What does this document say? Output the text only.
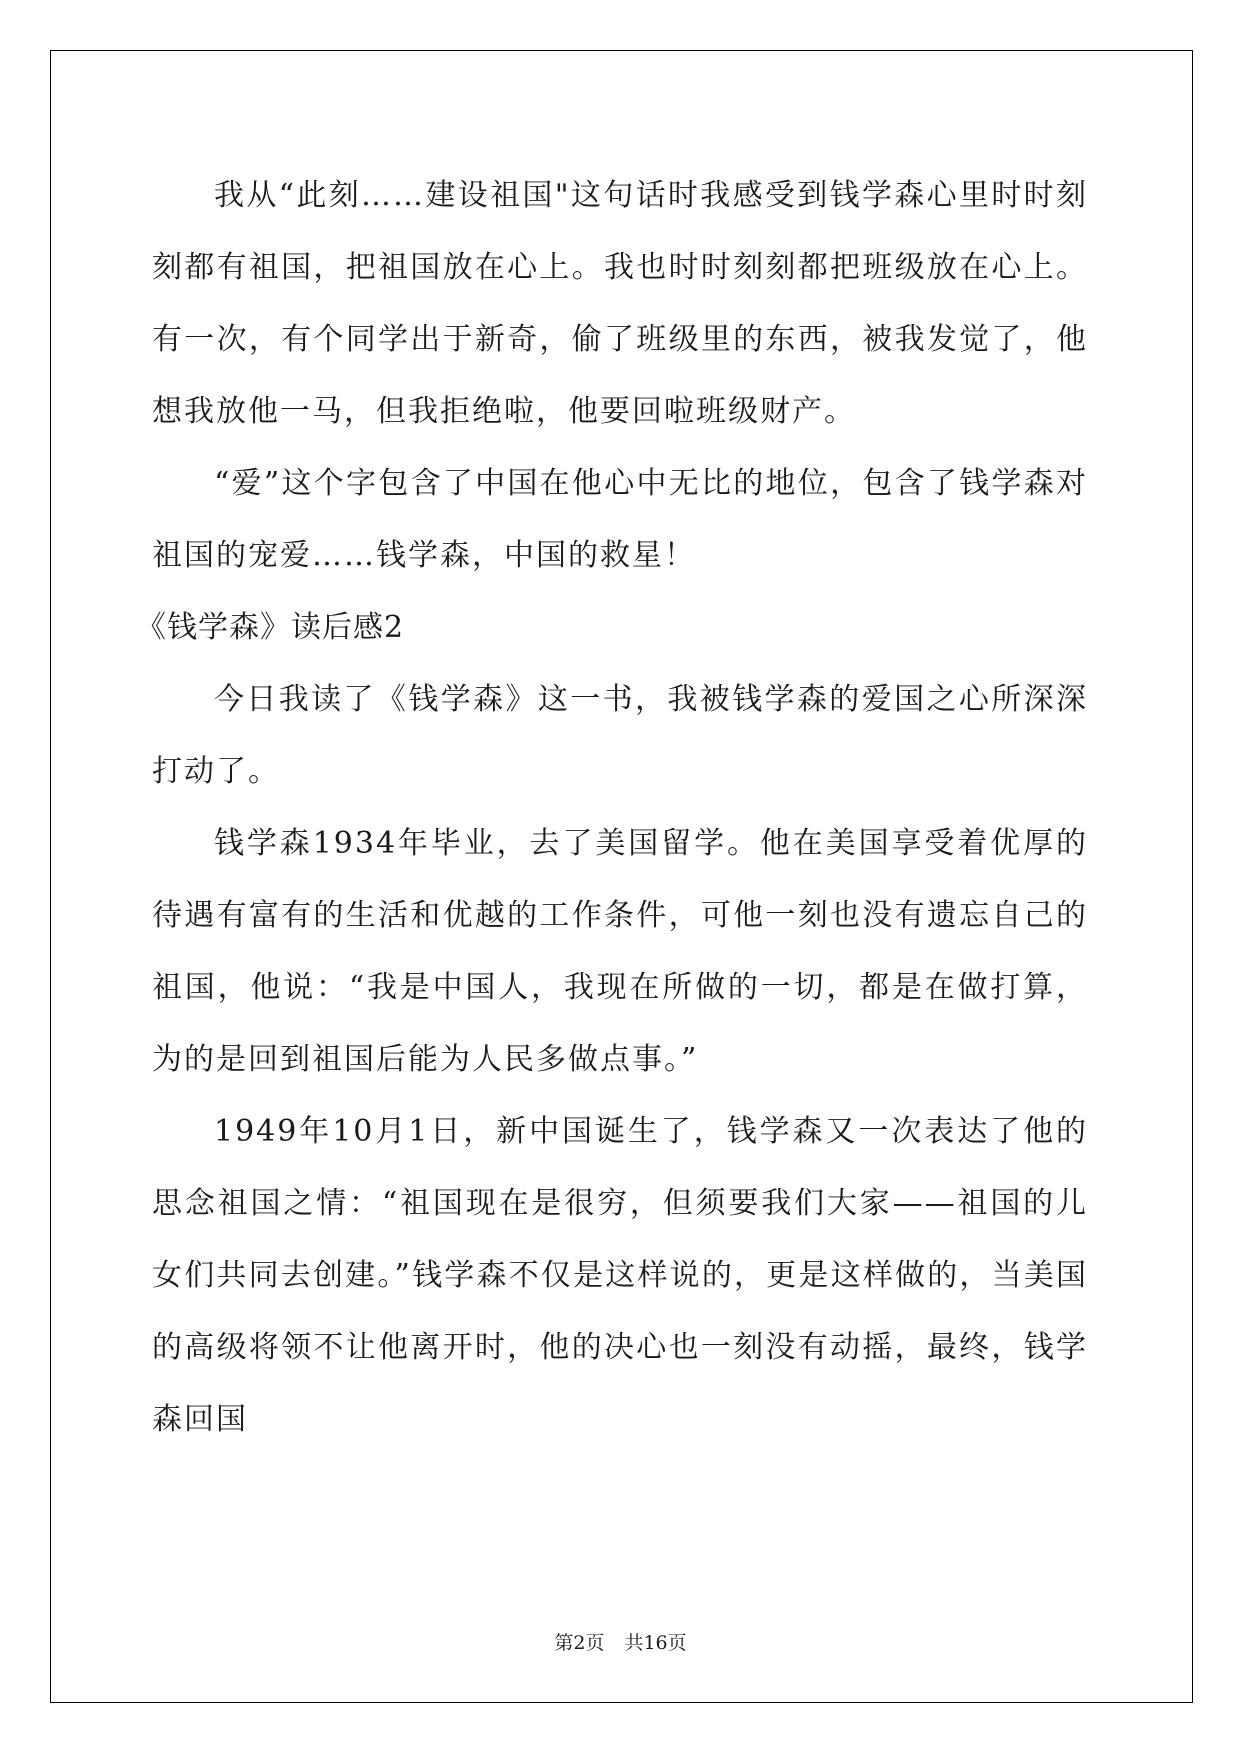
我从“此刻……建设祖国"这句话时我感受到钱学森心里时时刻刻都有祖国，把祖国放在心上。我也时时刻刻都把班级放在心上。有一次，有个同学出于新奇，偷了班级里的东西，被我发觉了，他想我放他一马，但我拒绝啦，他要回啦班级财产。

“爱”这个字包含了中国在他心中无比的地位，包含了钱学森对祖国的宠爱……钱学森，中国的救星！

《钱学森》读后感2

今日我读了《钱学森》这一书，我被钱学森的爱国之心所深深打动了。

钱学森1934年毕业，去了美国留学。他在美国享受着优厚的待遇有富有的生活和优越的工作条件，可他一刻也没有遗忘自己的祖国，他说：“我是中国人，我现在所做的一切，都是在做打算，为的是回到祖国后能为人民多做点事。”

1949年10月1日，新中国诞生了，钱学森又一次表达了他的思念祖国之情：“祖国现在是很穷，但须要我们大家——祖国的儿女们共同去创建。”钱学森不仅是这样说的，更是这样做的，当美国的高级将领不让他离开时，他的决心也一刻没有动摇，最终，钱学森回国

第2页 共16页
